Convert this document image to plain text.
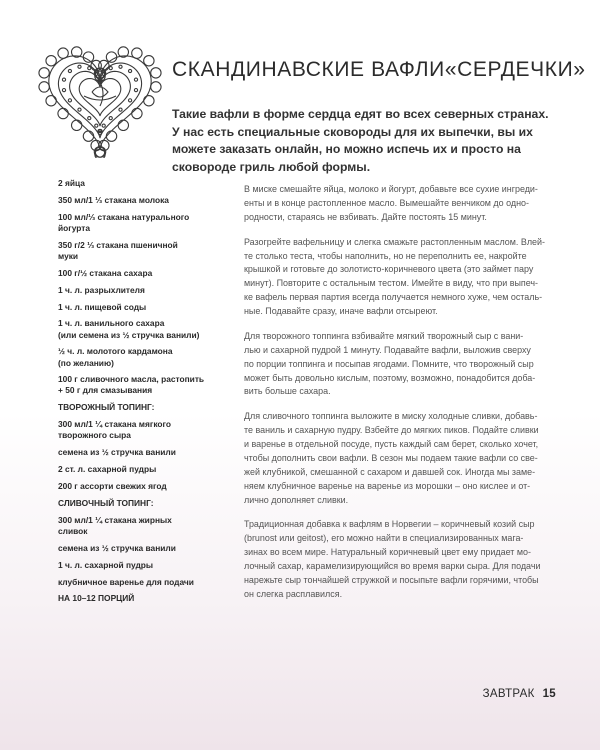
СКАНДИНАВСКИЕ ВАФЛИ«СЕРДЕЧКИ»
Такие вафли в форме сердца едят во всех северных странах. У нас есть специальные сковороды для их выпечки, вы их можете заказать онлайн, но можно испечь их и просто на сковороде гриль любой формы.
2 яйца
350 мл/1 ⅓ стакана молока
100 мл/⅓ стакана натурального
йогурта
350 г/2 ⅓ стакана пшеничной
муки
100 г/½ стакана сахара
1 ч. л. разрыхлителя
1 ч. л. пищевой соды
1 ч. л. ванильного сахара
(или семена из ½ стручка ванили)
½ ч. л. молотого кардамона
(по желанию)
100 г сливочного масла, растопить
+ 50 г для смазывания
ТВОРОЖНЫЙ ТОПИНГ:
300 мл/1 ¼ стакана мягкого
творожного сыра
семена из ½ стручка ванили
2 ст. л. сахарной пудры
200 г ассорти свежих ягод
СЛИВОЧНЫЙ ТОПИНГ:
300 мл/1 ¼ стакана жирных
сливок
семена из ½ стручка ванили
1 ч. л. сахарной пудры
клубничное варенье для подачи
НА 10–12 ПОРЦИЙ

В миске смешайте яйца, молоко и йогурт, добавьте все сухие ингреди-
енты и в конце растопленное масло. Вымешайте венчиком до одно-
родности, стараясь не взбивать. Дайте постоять 15 минут.

Разогрейте вафельницу и слегка смажьте растопленным маслом. Влей-
те столько теста, чтобы наполнить, но не переполнить ее, накройте
крышкой и готовьте до золотисто-коричневого цвета (это займет пару
минут). Повторите с остальным тестом. Имейте в виду, что при выпеч-
ке вафель первая партия всегда получается немного хуже, чем осталь-
ные. Подавайте сразу, иначе вафли отсыреют.

Для творожного топпинга взбивайте мягкий творожный сыр с вани-
лью и сахарной пудрой 1 минуту. Подавайте вафли, выложив сверху
по порции топпинга и посыпав ягодами. Помните, что творожный сыр
может быть довольно кислым, поэтому, возможно, понадобится доба-
вить больше сахара.

Для сливочного топпинга выложите в миску холодные сливки, добавь-
те ваниль и сахарную пудру. Взбейте до мягких пиков. Подайте сливки
и варенье в отдельной посуде, пусть каждый сам берет, сколько хочет,
чтобы дополнить свои вафли. В сезон мы подаем такие вафли со све-
жей клубникой, смешанной с сахаром и давшей сок. Иногда мы заме-
няем клубничное варенье на варенье из морошки – оно кислее и от-
лично дополняет сливки.

Традиционная добавка к вафлям в Норвегии – коричневый козий сыр
(brunost или geitost), его можно найти в специализированных мага-
зинах во всем мире. Натуральный коричневый цвет ему придает мо-
лочный сахар, карамелизирующийся во время варки сыра. Для подачи
нарежьте сыр тончайшей стружкой и посыпьте вафли горячими, чтобы
он слегка расплавился.

ЗАВТРАК 15
